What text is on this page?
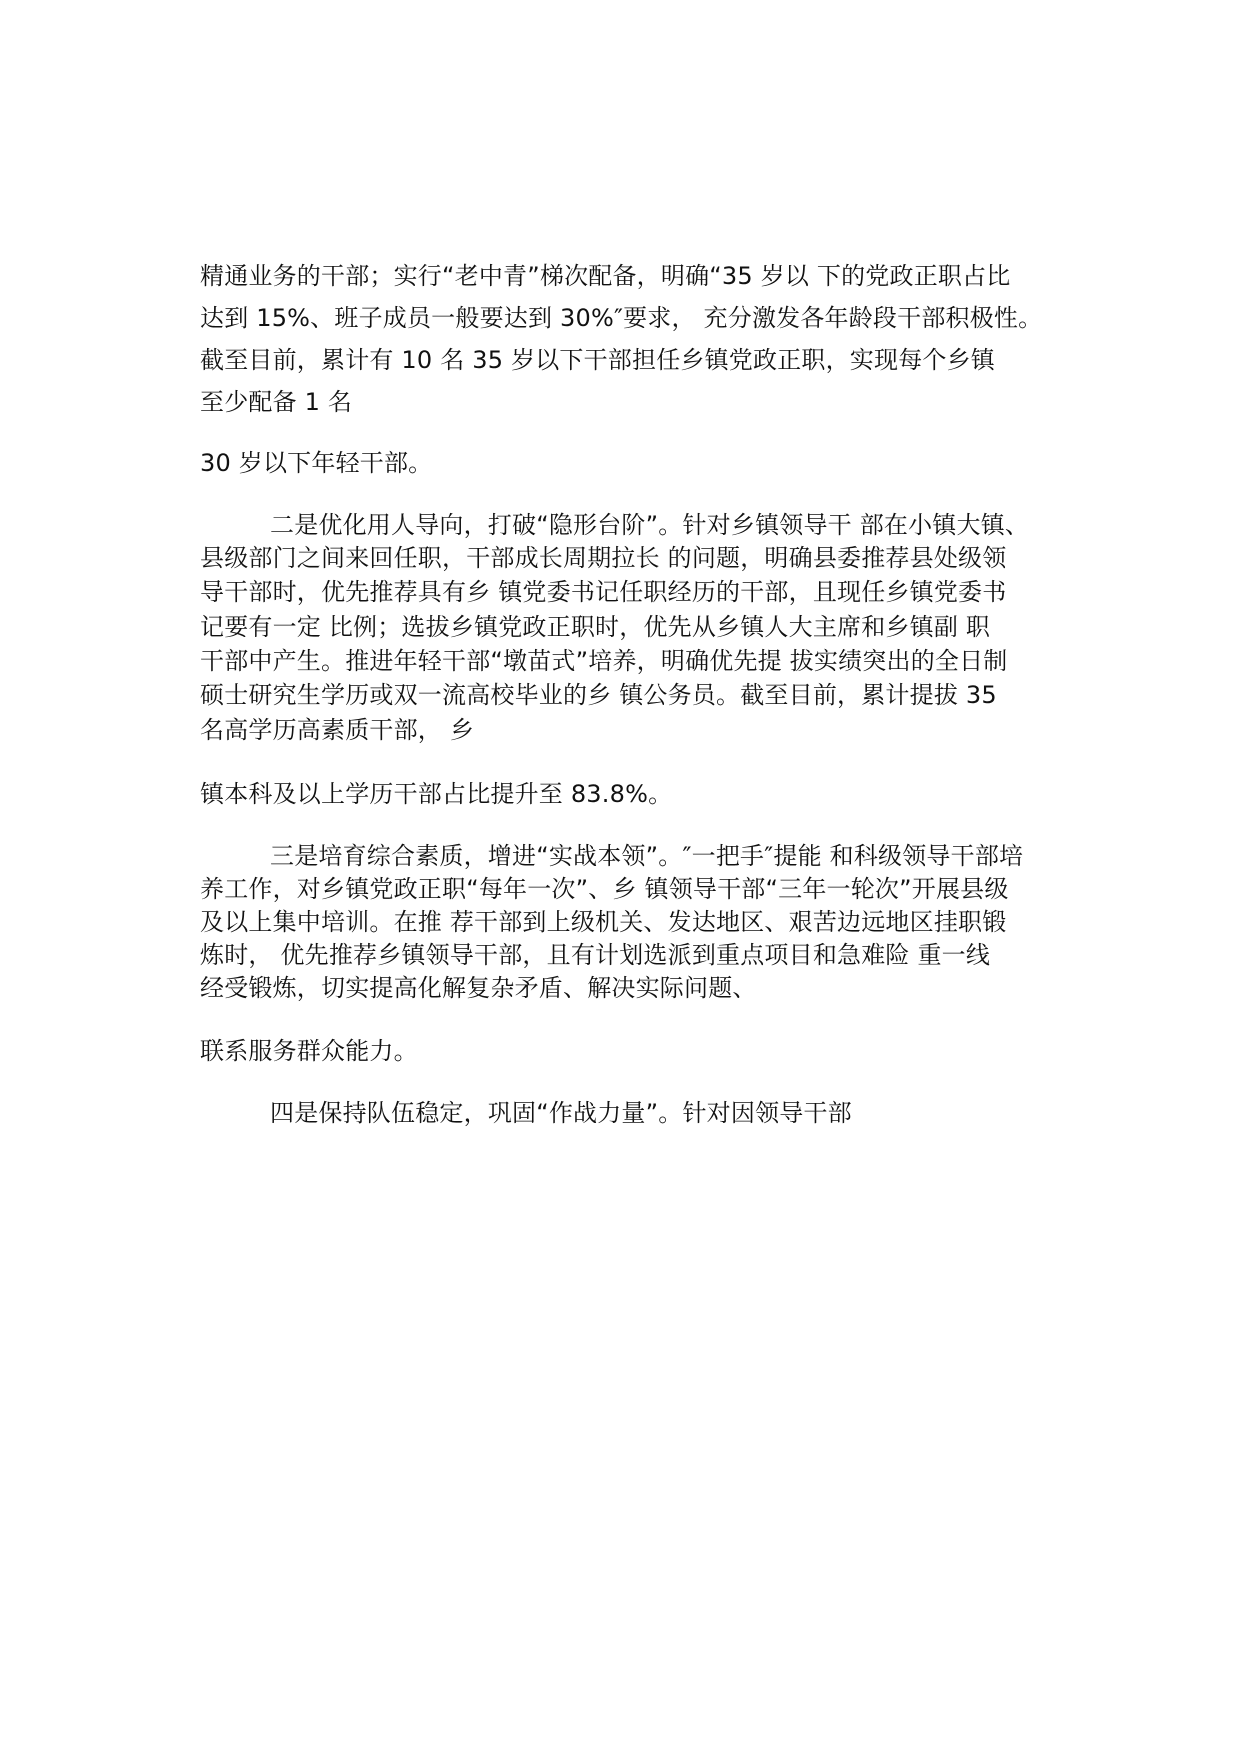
精通业务的干部；实行“老中青”梯次配备，明确“35 岁以 下的党政正职占比
达到 15%、班子成员一般要达到 30%″要求， 充分激发各年龄段干部积极性。
截至目前，累计有 10 名 35 岁以下干部担任乡镇党政正职，实现每个乡镇
至少配备 1 名
30 岁以下年轻干部。
二是优化用人导向，打破“隐形台阶”。针对乡镇领导干 部在小镇大镇、
县级部门之间来回任职，干部成长周期拉长 的问题，明确县委推荐县处级领
导干部时，优先推荐具有乡 镇党委书记任职经历的干部，且现任乡镇党委书
记要有一定 比例；选拔乡镇党政正职时，优先从乡镇人大主席和乡镇副 职
干部中产生。推进年轻干部“墩苗式”培养，明确优先提 拔实绩突出的全日制
硕士研究生学历或双一流高校毕业的乡 镇公务员。截至目前，累计提拔 35
名高学历高素质干部， 乡
镇本科及以上学历干部占比提升至 83.8%。
三是培育综合素质，增进“实战本领”。″一把手″提能 和科级领导干部培
养工作，对乡镇党政正职“每年一次”、乡 镇领导干部“三年一轮次”开展县级
及以上集中培训。在推 荐干部到上级机关、发达地区、艰苦边远地区挂职锻
炼时， 优先推荐乡镇领导干部，且有计划选派到重点项目和急难险 重一线
经受锻炼，切实提高化解复杂矛盾、解决实际问题、
联系服务群众能力。
四是保持队伍稳定，巩固“作战力量”。针对因领导干部
